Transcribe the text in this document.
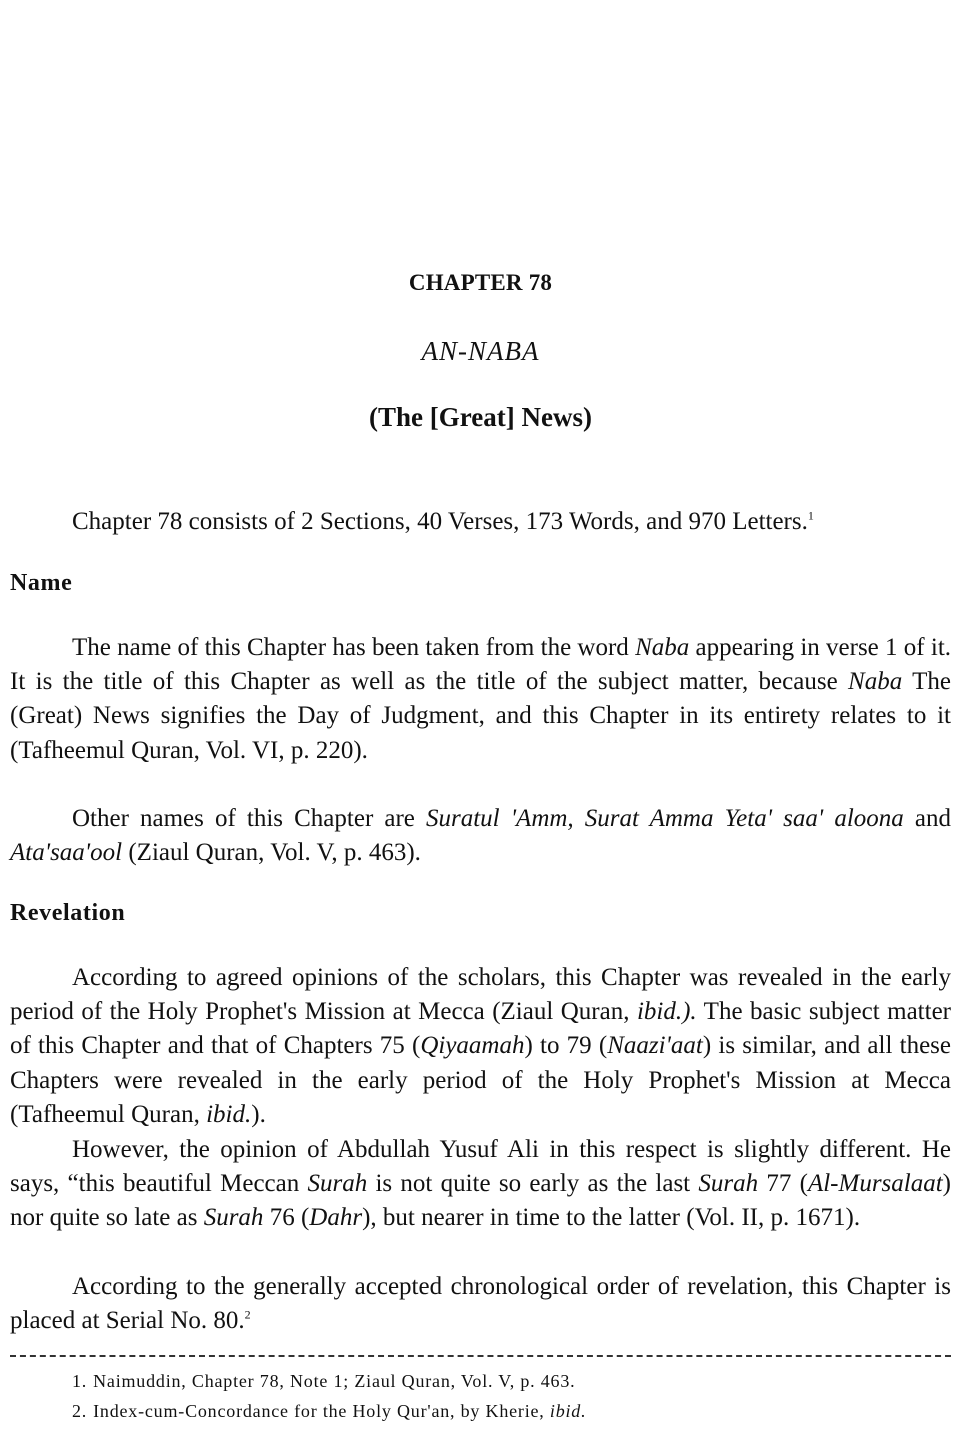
CHAPTER 78
AN-NABA
(The [Great] News)

Chapter 78 consists of 2 Sections, 40 Verses, 173 Words, and 970 Letters.$^1$

Name

The name of this Chapter has been taken from the word Naba appearing in verse 1 of it. It is the title of this Chapter as well as the title of the subject matter, because Naba The (Great) News signifies the Day of Judgment, and this Chapter in its entirety relates to it (Tafheemul Quran, Vol. VI, p. 220).

Other names of this Chapter are Suratul 'Amm, Surat Amma Yeta' saa' aloona and Ata'saa'ool (Ziaul Quran, Vol. V, p. 463).

Revelation

According to agreed opinions of the scholars, this Chapter was revealed in the early period of the Holy Prophet's Mission at Mecca (Ziaul Quran, ibid.). The basic subject matter of this Chapter and that of Chapters 75 (Qiyaamah) to 79 (Naazi'aat) is similar, and all these Chapters were revealed in the early period of the Holy Prophet's Mission at Mecca (Tafheemul Quran, ibid.).

However, the opinion of Abdullah Yusuf Ali in this respect is slightly different. He says, “this beautiful Meccan Surah is not quite so early as the last Surah 77 (Al-Mursalaat) nor quite so late as Surah 76 (Dahr), but nearer in time to the latter (Vol. II, p. 1671).

According to the generally accepted chronological order of revelation, this Chapter is placed at Serial No. 80.$^2$

1. Naimuddin, Chapter 78, Note 1; Ziaul Quran, Vol. V, p. 463.

2. Index-cum-Concordance for the Holy Qur'an, by Kherie, ibid.
